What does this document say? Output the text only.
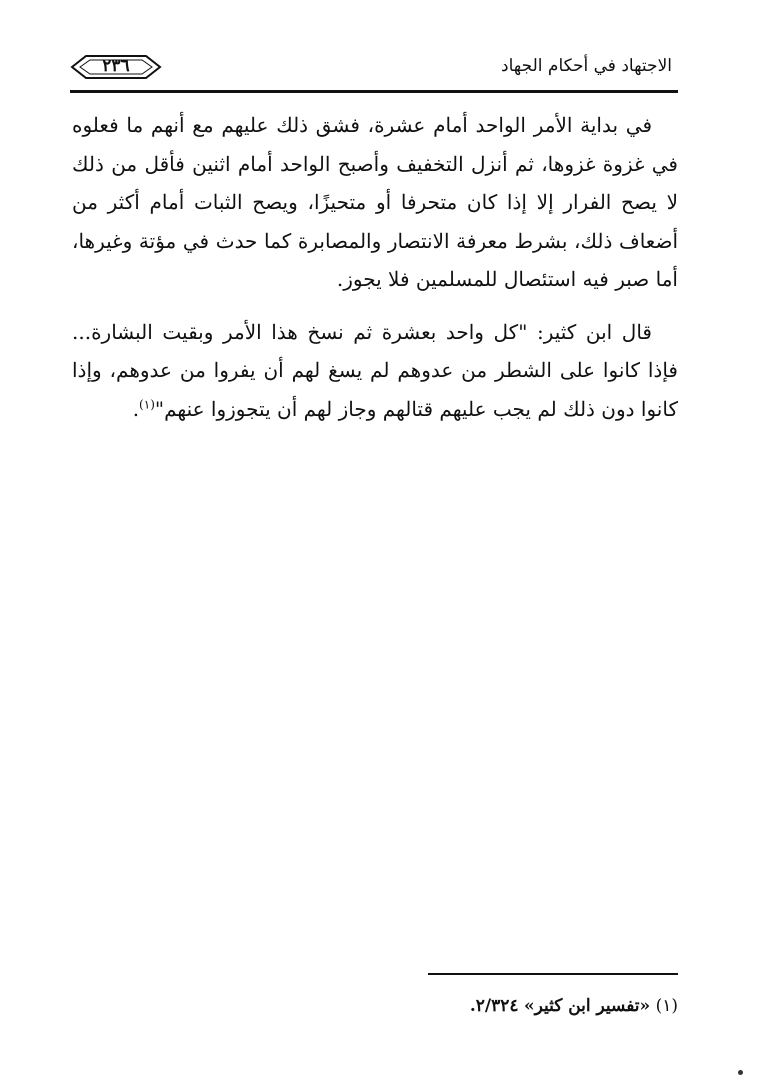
٢٣٦	الاجتهاد في أحكام الجهاد

في بداية الأمر الواحد أمام عشرة، فشق ذلك عليهم مع أنهم ما فعلوه في غزوة غزوها، ثم أنزل التخفيف وأصبح الواحد أمام اثنين فأقل من ذلك لا يصح الفرار إلا إذا كان متحرفا أو متحيزًا، ويصح الثبات أمام أكثر من أضعاف ذلك، بشرط معرفة الانتصار والمصابرة كما حدث في مؤتة وغيرها، أما صبر فيه استئصال للمسلمين فلا يجوز.

قال ابن كثير: "كل واحد بعشرة ثم نسخ هذا الأمر وبقيت البشارة... فإذا كانوا على الشطر من عدوهم لم يسغ لهم أن يفروا من عدوهم، وإذا كانوا دون ذلك لم يجب عليهم قتالهم وجاز لهم أن يتجوزوا عنهم"$^{(١)}$.

(١) «تفسير ابن كثير» ٢/٣٢٤.
